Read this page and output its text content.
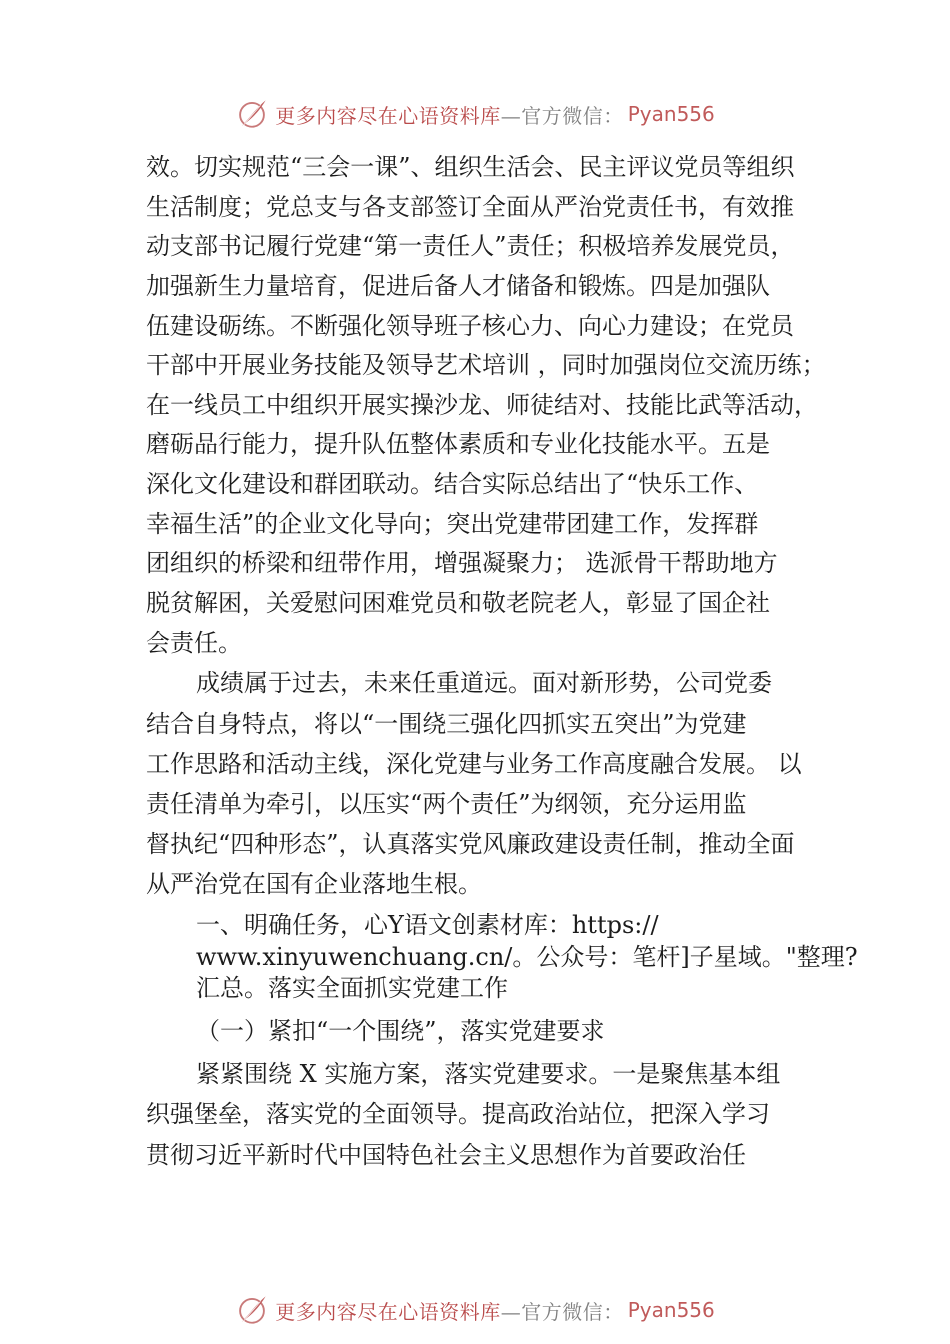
更多内容尽在心语资料库 —官方微信： Pyan556
效。切实规范“三会一课”、组织生活会、民主评议党员等组织
生活制度；党总支与各支部签订全面从严治党责任书，有效推
动支部书记履行党建“第一责任人”责任；积极培养发展党员，
加强新生力量培育，促进后备人才储备和锻炼。四是加强队
伍建设砺练。不断强化领导班子核心力、向心力建设；在党员
干部中开展业务技能及领导艺术培训 ，同时加强岗位交流历练；
在一线员工中组织开展实操沙龙、师徒结对、技能比武等活动，
磨砺品行能力，提升队伍整体素质和专业化技能水平。五是
深化文化建设和群团联动。结合实际总结出了“快乐工作、
幸福生活”的企业文化导向；突出党建带团建工作，发挥群
团组织的桥梁和纽带作用，增强凝聚力； 选派骨干帮助地方
脱贫解困，关爱慰问困难党员和敬老院老人，彰显了国企社
会责任。
成绩属于过去，未来任重道远。面对新形势，公司党委
结合自身特点，将以“一围绕三强化四抓实五突出”为党建
工作思路和活动主线，深化党建与业务工作高度融合发展。 以
责任清单为牵引，以压实“两个责任”为纲领，充分运用监
督执纪“四种形态”，认真落实党风廉政建设责任制，推动全面
从严治党在国有企业落地生根。
一、明确任务，心Y语文创素材库：https://
www.xinyuwenchuang.cn/。公众号：笔杆]子星域。"整理?
汇总。落实全面抓实党建工作
（一）紧扣“一个围绕”，落实党建要求
紧紧围绕 X 实施方案，落实党建要求。一是聚焦基本组
织强堡垒，落实党的全面领导。提高政治站位，把深入学习
贯彻习近平新时代中国特色社会主义思想作为首要政治任
更多内容尽在心语资料库 —官方微信： Pyan556
